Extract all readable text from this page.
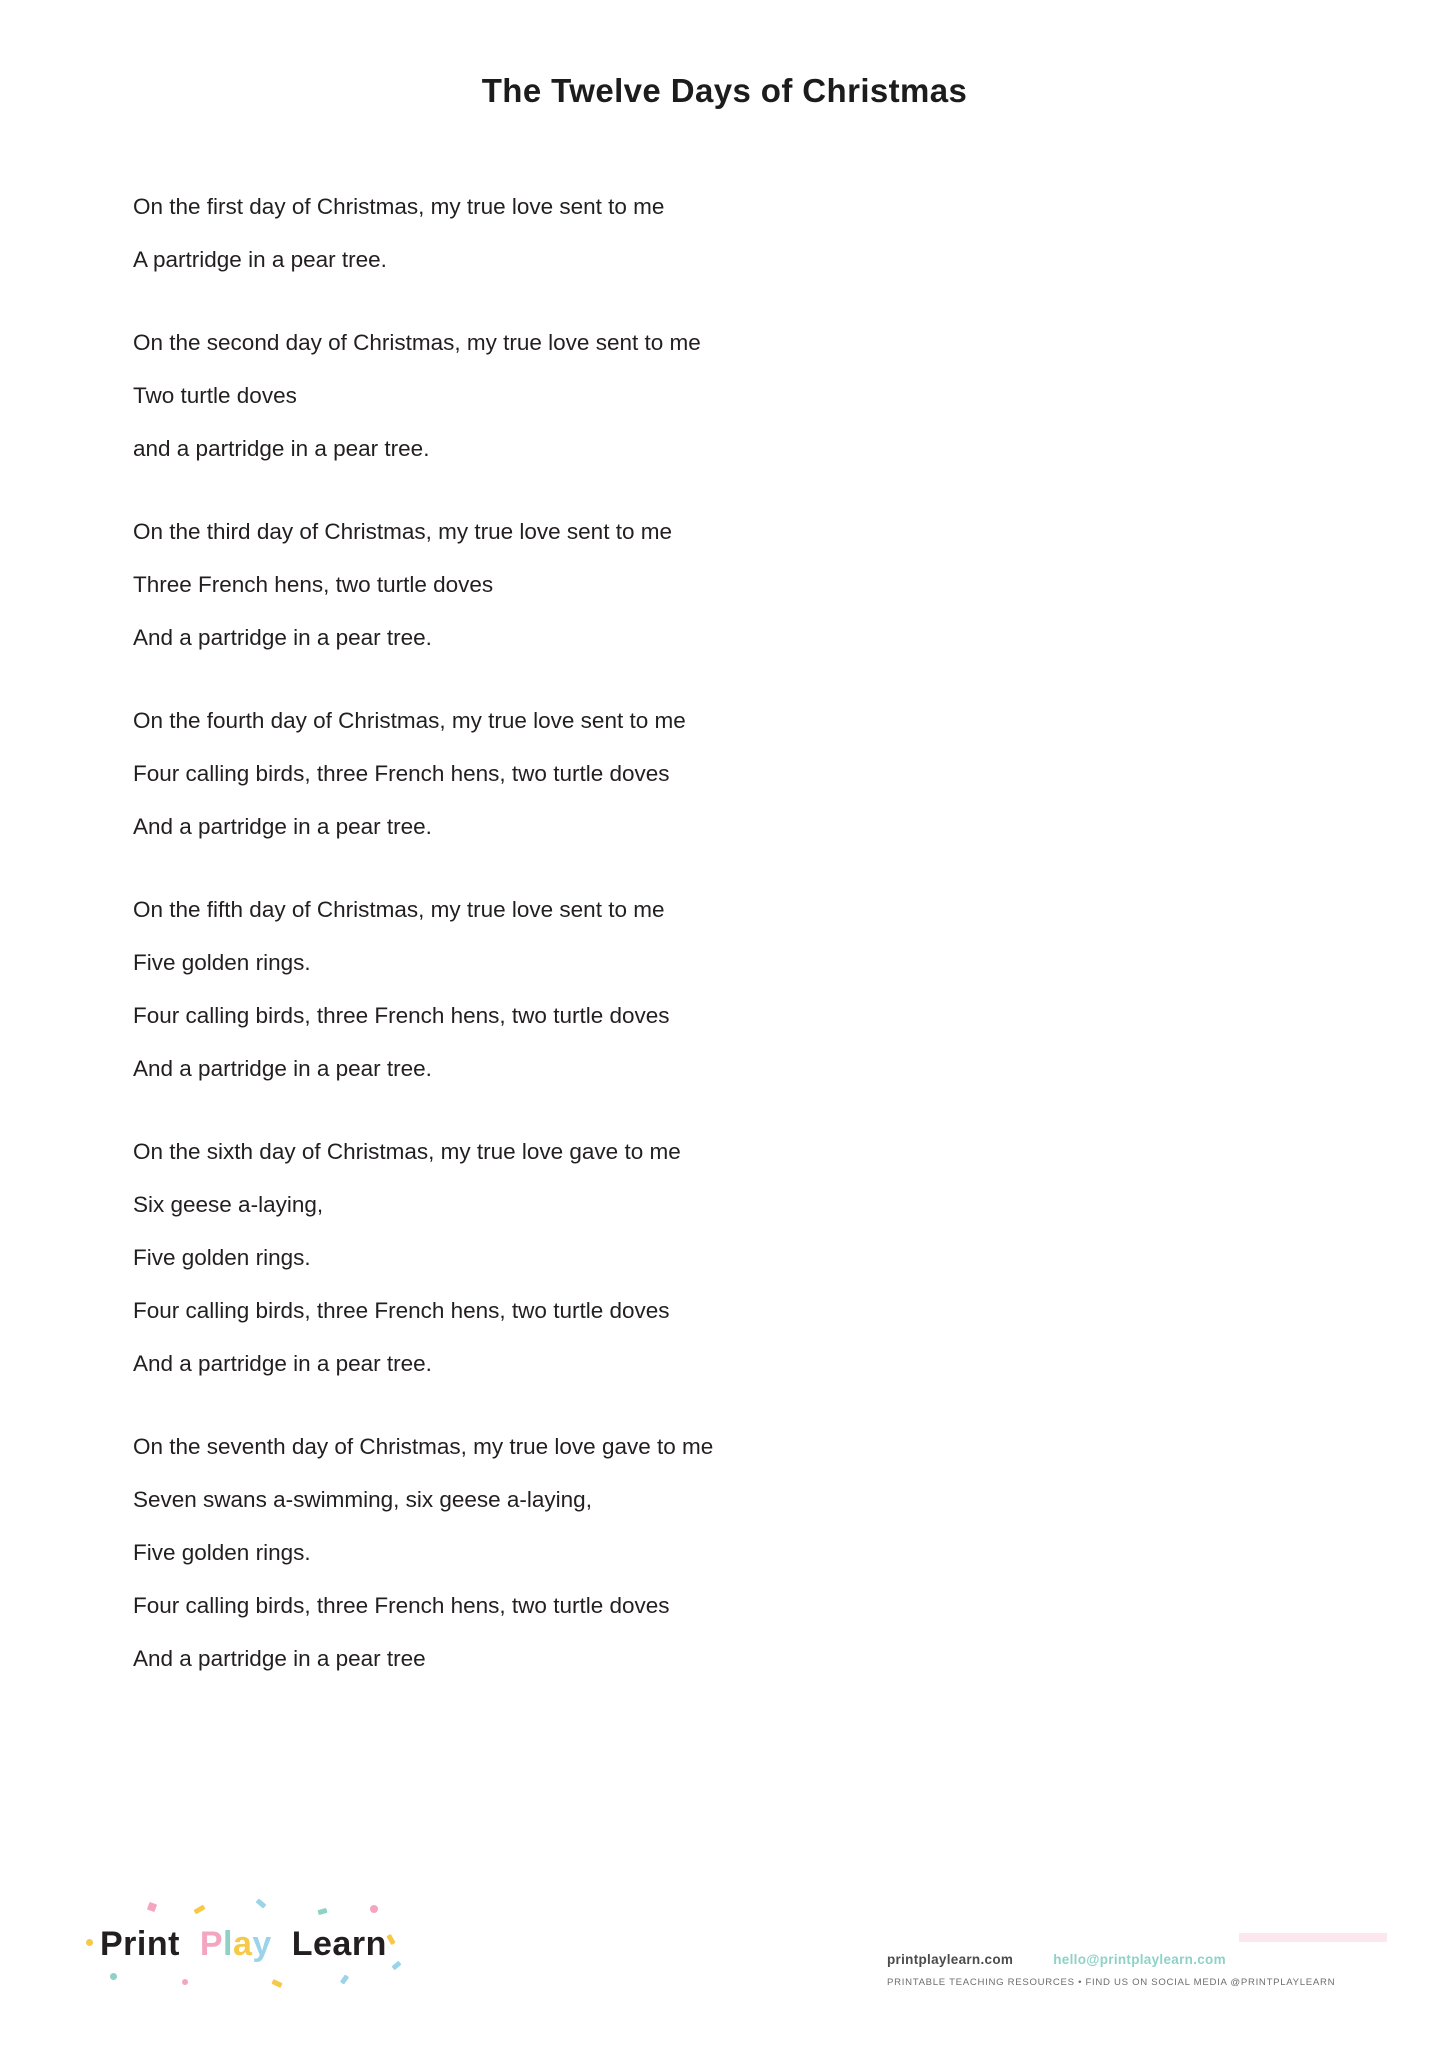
The Twelve Days of Christmas
On the first day of Christmas, my true love sent to me
A partridge in a pear tree.
On the second day of Christmas, my true love sent to me
Two turtle doves
and a partridge in a pear tree.
On the third day of Christmas, my true love sent to me
Three French hens, two turtle doves
And a partridge in a pear tree.
On the fourth day of Christmas, my true love sent to me
Four calling birds, three French hens, two turtle doves
And a partridge in a pear tree.
On the fifth day of Christmas, my true love sent to me
Five golden rings.
Four calling birds, three French hens, two turtle doves
And a partridge in a pear tree.
On the sixth day of Christmas, my true love gave to me
Six geese a-laying,
Five golden rings.
Four calling birds, three French hens, two turtle doves
And a partridge in a pear tree.
On the seventh day of Christmas, my true love gave to me
Seven swans a-swimming, six geese a-laying,
Five golden rings.
Four calling birds, three French hens, two turtle doves
And a partridge in a pear tree
Print Play Learn	printplaylearn.com	hello@printplaylearn.com
PRINTABLE TEACHING RESOURCES • FIND US ON SOCIAL MEDIA @PRINTPLAYLEARN
